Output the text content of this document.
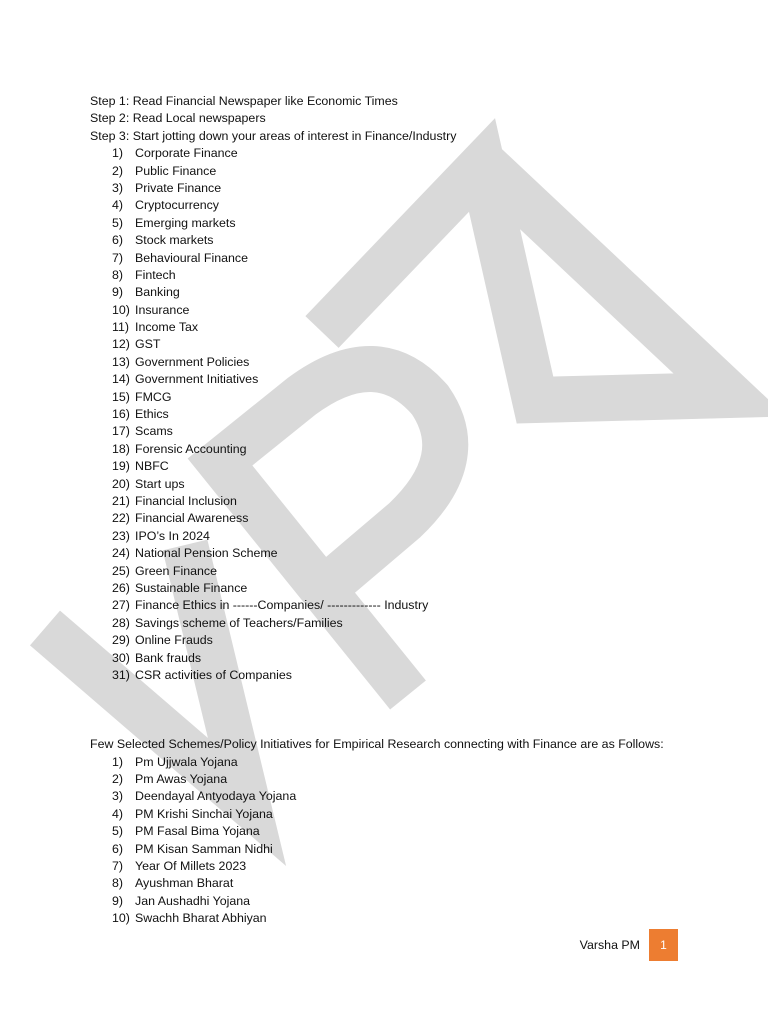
Step 1: Read Financial Newspaper like Economic Times
Step 2: Read Local newspapers
Step 3: Start jotting down your areas of interest in Finance/Industry
1) Corporate Finance
2) Public Finance
3) Private Finance
4) Cryptocurrency
5) Emerging markets
6) Stock markets
7) Behavioural Finance
8) Fintech
9) Banking
10) Insurance
11) Income Tax
12) GST
13) Government Policies
14) Government Initiatives
15) FMCG
16) Ethics
17) Scams
18) Forensic Accounting
19) NBFC
20) Start ups
21) Financial Inclusion
22) Financial Awareness
23) IPO’s In 2024
24) National Pension Scheme
25) Green Finance
26) Sustainable Finance
27) Finance Ethics in ------Companies/ ------------- Industry
28) Savings scheme of Teachers/Families
29) Online Frauds
30) Bank frauds
31) CSR activities of Companies
Few Selected Schemes/Policy Initiatives for Empirical Research connecting with Finance are as Follows:
1) Pm Ujjwala Yojana
2) Pm Awas Yojana
3) Deendayal Antyodaya Yojana
4) PM Krishi Sinchai Yojana
5) PM Fasal Bima Yojana
6) PM Kisan Samman Nidhi
7) Year Of Millets 2023
8) Ayushman Bharat
9) Jan Aushadhi Yojana
10) Swachh Bharat Abhiyan
Varsha PM	1
